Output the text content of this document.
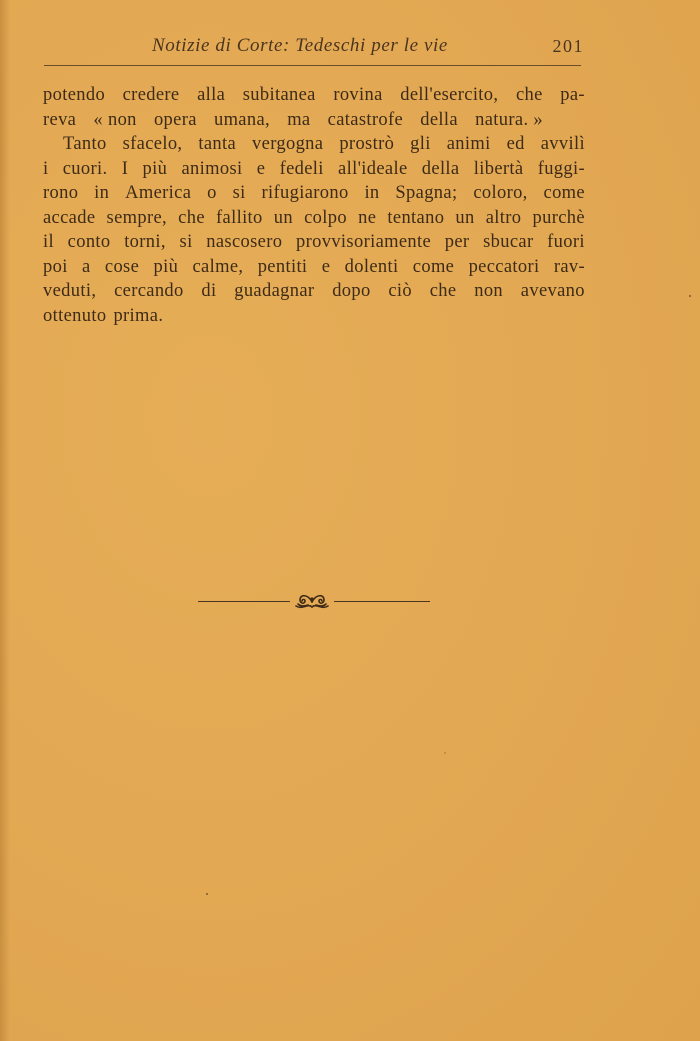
Notizie di Corte: Tedeschi per le vie	201
potendo credere alla subitanea rovina dell'esercito, che pa-
reva « non opera umana, ma catastrofe della natura. »
Tanto sfacelo, tanta vergogna prostrò gli animi ed avvilì
i cuori. I più animosi e fedeli all'ideale della libertà fuggi-
rono in America o si rifugiarono in Spagna; coloro, come
accade sempre, che fallito un colpo ne tentano un altro purchè
il conto torni, si nascosero provvisoriamente per sbucar fuori
poi a cose più calme, pentiti e dolenti come peccatori rav-
veduti, cercando di guadagnar dopo ciò che non avevano
ottenuto prima.
